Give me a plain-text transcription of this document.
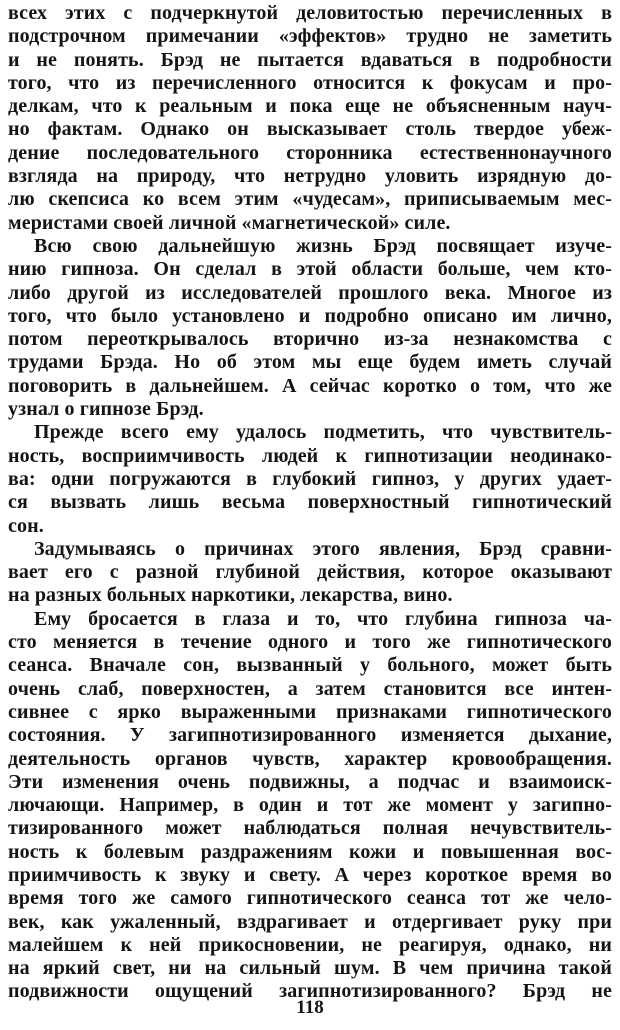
всех этих с подчеркнутой деловитостью перечисленных в
подстрочном примечании «эффектов» трудно не заметить
и не понять. Брэд не пытается вдаваться в подробности
того, что из перечисленного относится к фокусам и про-
делкам, что к реальным и пока еще не объясненным науч-
но фактам. Однако он высказывает столь твердое убеж-
дение последовательного сторонника естественнонаучного
взгляда на природу, что нетрудно уловить изрядную до-
лю скепсиса ко всем этим «чудесам», приписываемым мес-
меристами своей личной «магнетической» силе.
Всю свою дальнейшую жизнь Брэд посвящает изуче-
нию гипноза. Он сделал в этой области больше, чем кто-
либо другой из исследователей прошлого века. Многое из
того, что было установлено и подробно описано им лично,
потом переоткрывалось вторично из-за незнакомства с
трудами Брэда. Но об этом мы еще будем иметь случай
поговорить в дальнейшем. А сейчас коротко о том, что же
узнал о гипнозе Брэд.
Прежде всего ему удалось подметить, что чувствитель-
ность, восприимчивость людей к гипнотизации неодинако-
ва: одни погружаются в глубокий гипноз, у других удает-
ся вызвать лишь весьма поверхностный гипнотический
сон.
Задумываясь о причинах этого явления, Брэд сравни-
вает его с разной глубиной действия, которое оказывают
на разных больных наркотики, лекарства, вино.
Ему бросается в глаза и то, что глубина гипноза ча-
сто меняется в течение одного и того же гипнотического
сеанса. Вначале сон, вызванный у больного, может быть
очень слаб, поверхностен, а затем становится все интен-
сивнее с ярко выраженными признаками гипнотического
состояния. У загипнотизированного изменяется дыхание,
деятельность органов чувств, характер кровообращения.
Эти изменения очень подвижны, а подчас и взаимоиск-
лючающи. Например, в один и тот же момент у загипно-
тизированного может наблюдаться полная нечувствитель-
ность к болевым раздражениям кожи и повышенная вос-
приимчивость к звуку и свету. А через короткое время во
время того же самого гипнотического сеанса тот же чело-
век, как ужаленный, вздрагивает и отдергивает руку при
малейшем к ней прикосновении, не реагируя, однако, ни
на яркий свет, ни на сильный шум. В чем причина такой
подвижности ощущений загипнотизированного? Брэд не
118
